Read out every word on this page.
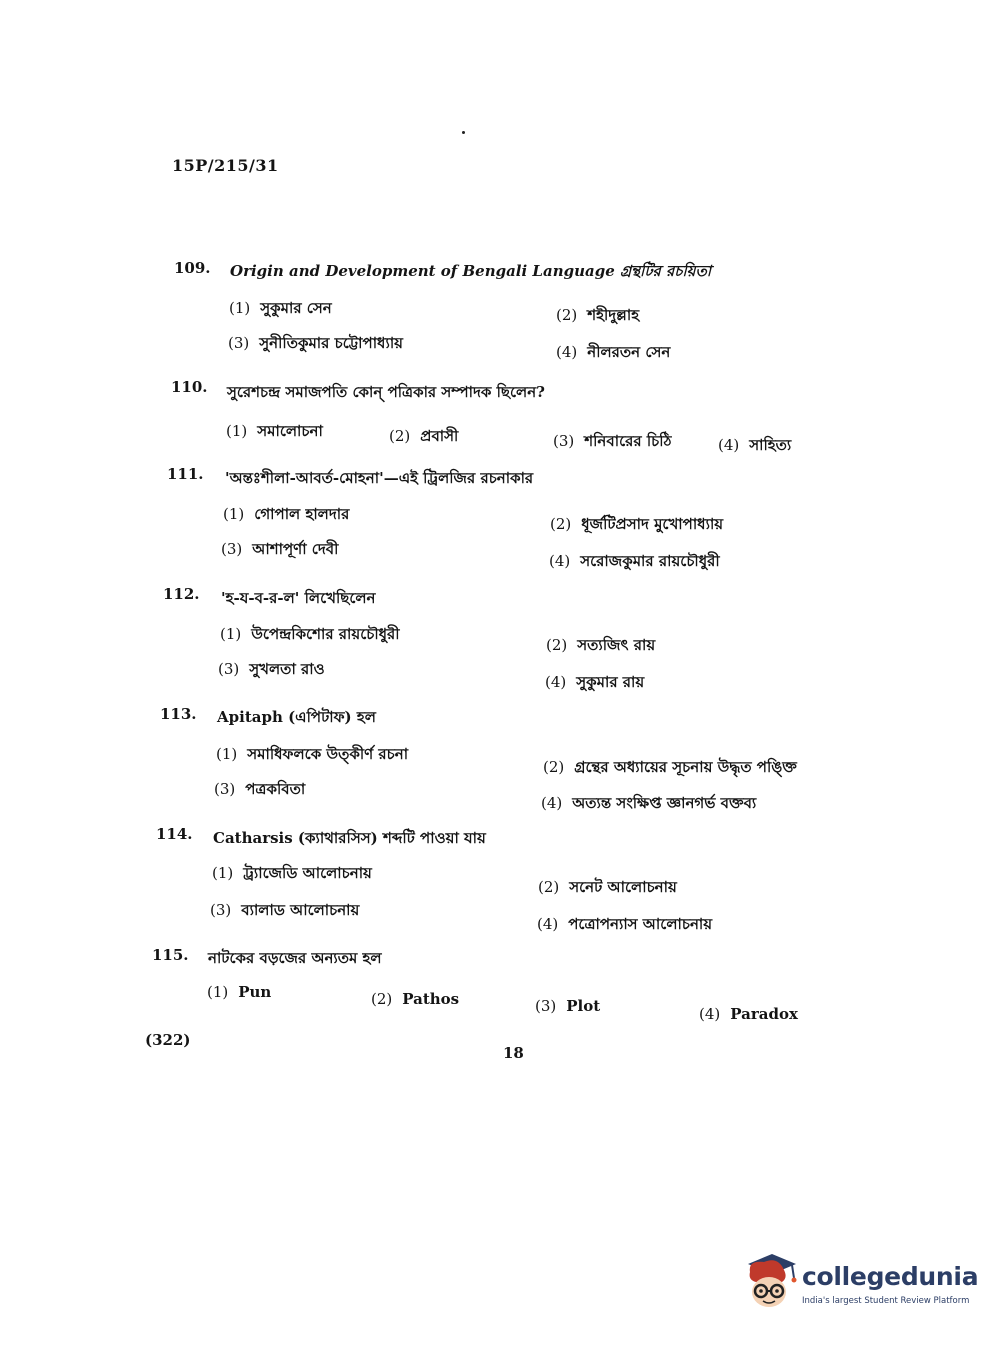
15P/215/31
109. Origin and Development of Bengali Language গ্রন্থটির রচয়িতা
(1) সুকুমার সেন	(2) শহীদুল্লাহ
(3) সুনীতিকুমার চট্টোপাধ্যায়	(4) নীলরতন সেন
110. সুরেশচন্দ্র সমাজপতি কোন্ পত্রিকার সম্পাদক ছিলেন?
(1) সমালোচনা	(2) প্রবাসী	(3) শনিবারের চিঠি	(4) সাহিত্য
111. 'অন্তঃশীলা-আবর্ত-মোহনা'—এই ট্রিলজির রচনাকার
(1) গোপাল হালদার
(2) ধূর্জটিপ্রসাদ মুখোপাধ্যায়
(3) আশাপূর্ণা দেবী
(4) সরোজকুমার রায়চৌধুরী
112. 'হ-য-ব-র-ল' লিখেছিলেন
(1) উপেন্দ্রকিশোর রায়চৌধুরী
(2) সত্যজিৎ রায়
(3) সুখলতা রাও
(4) সুকুমার রায়
113. Apitaph (এপিটাফ) হল
(1) সমাধিফলকে উত্কীর্ণ রচনা
(2) গ্রন্থের অধ্যায়ের সূচনায় উদ্ধৃত পঙ্ক্তি
(3) পত্রকবিতা
(4) অত্যন্ত সংক্ষিপ্ত জ্ঞানগর্ভ বক্তব্য
114. Catharsis (ক্যাথারসিস) শব্দটি পাওয়া যায়
(1) ট্র্যাজেডি আলোচনায়
(2) সনেট আলোচনায়
(3) ব্যালাড আলোচনায়
(4) পত্রোপন্যাস আলোচনায়
115. নাটকের বড়জের অন্যতম হল
(1) Pun	(2) Pathos	(3) Plot	(4) Paradox
(322)
18
collegedunia
India's largest Student Review Platform
